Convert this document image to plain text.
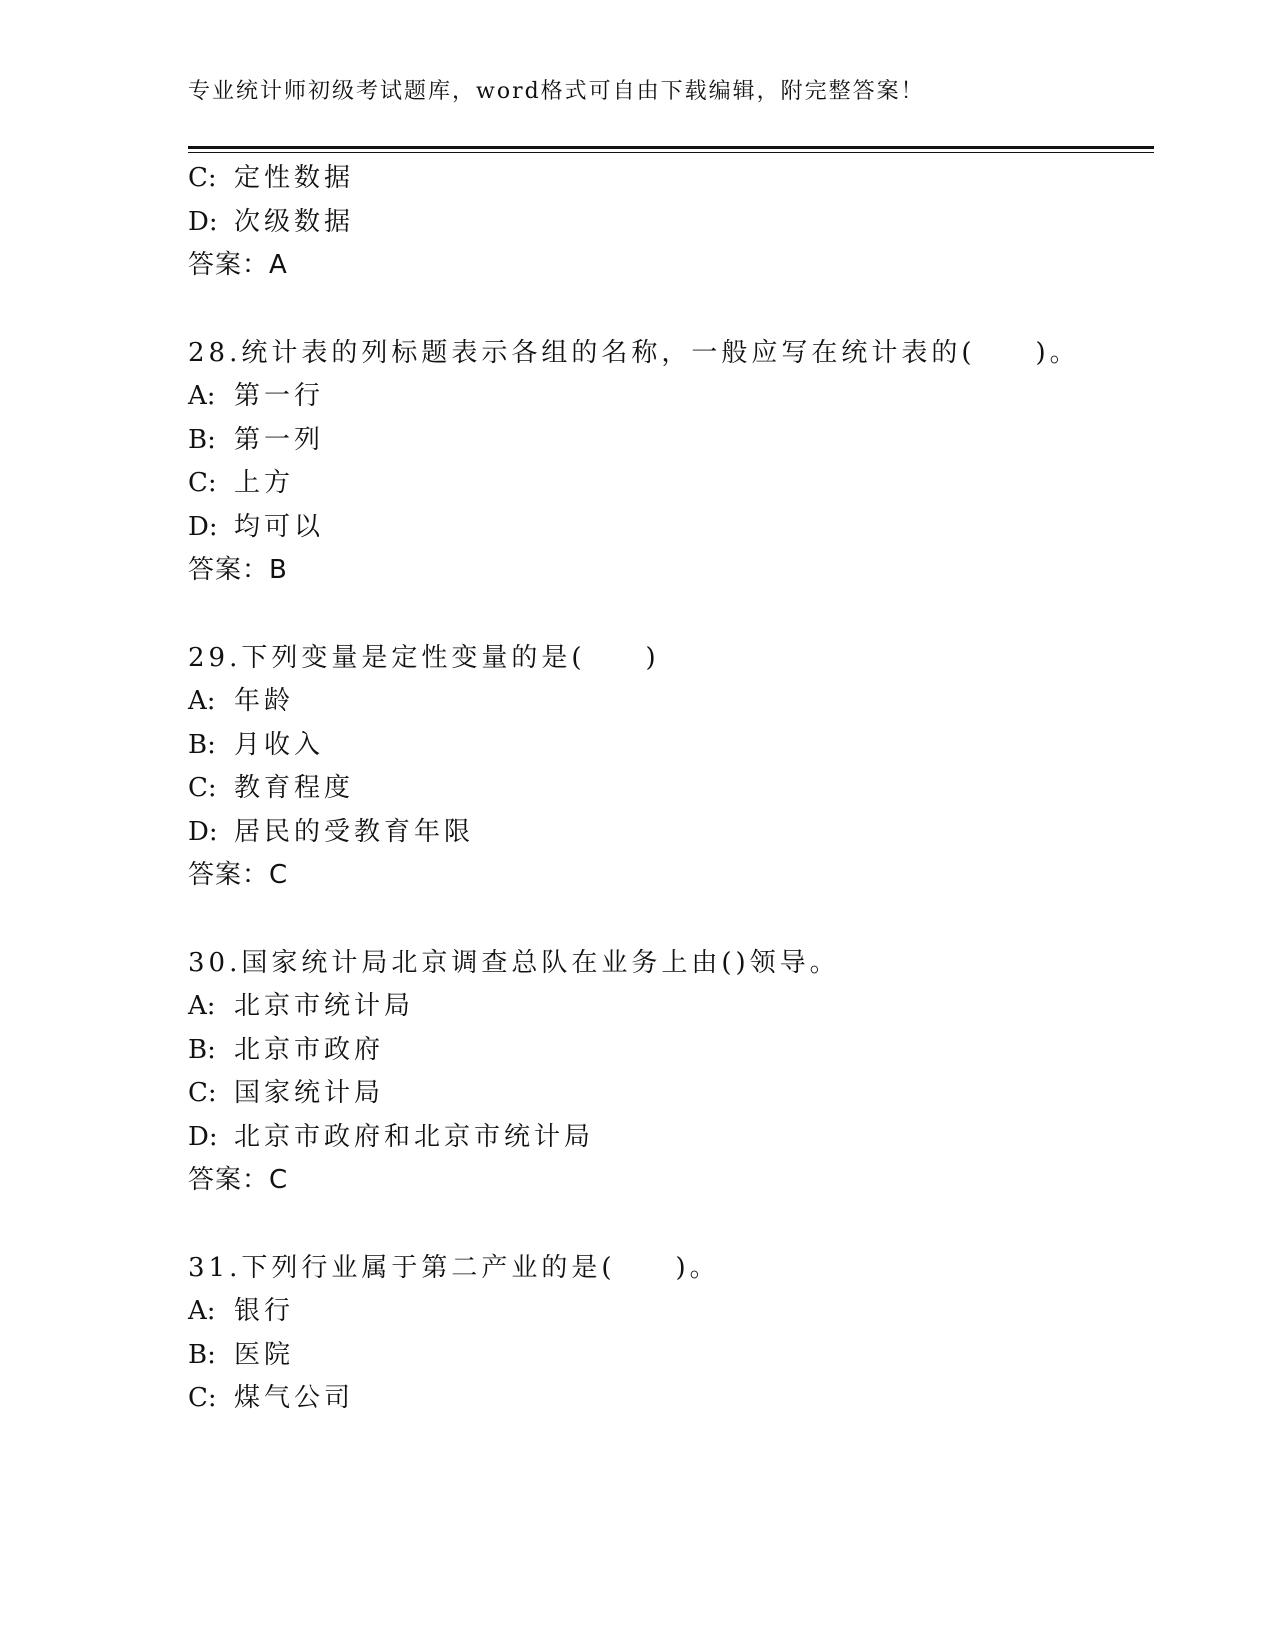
专业统计师初级考试题库，word格式可自由下载编辑，附完整答案！
C: 定性数据
D: 次级数据
答案：A
28.统计表的列标题表示各组的名称，一般应写在统计表的(　　)。
A: 第一行
B: 第一列
C: 上方
D: 均可以
答案：B
29.下列变量是定性变量的是(　　)
A: 年龄
B: 月收入
C: 教育程度
D: 居民的受教育年限
答案：C
30.国家统计局北京调查总队在业务上由()领导。
A: 北京市统计局
B: 北京市政府
C: 国家统计局
D: 北京市政府和北京市统计局
答案：C
31.下列行业属于第二产业的是(　　)。
A: 银行
B: 医院
C: 煤气公司
